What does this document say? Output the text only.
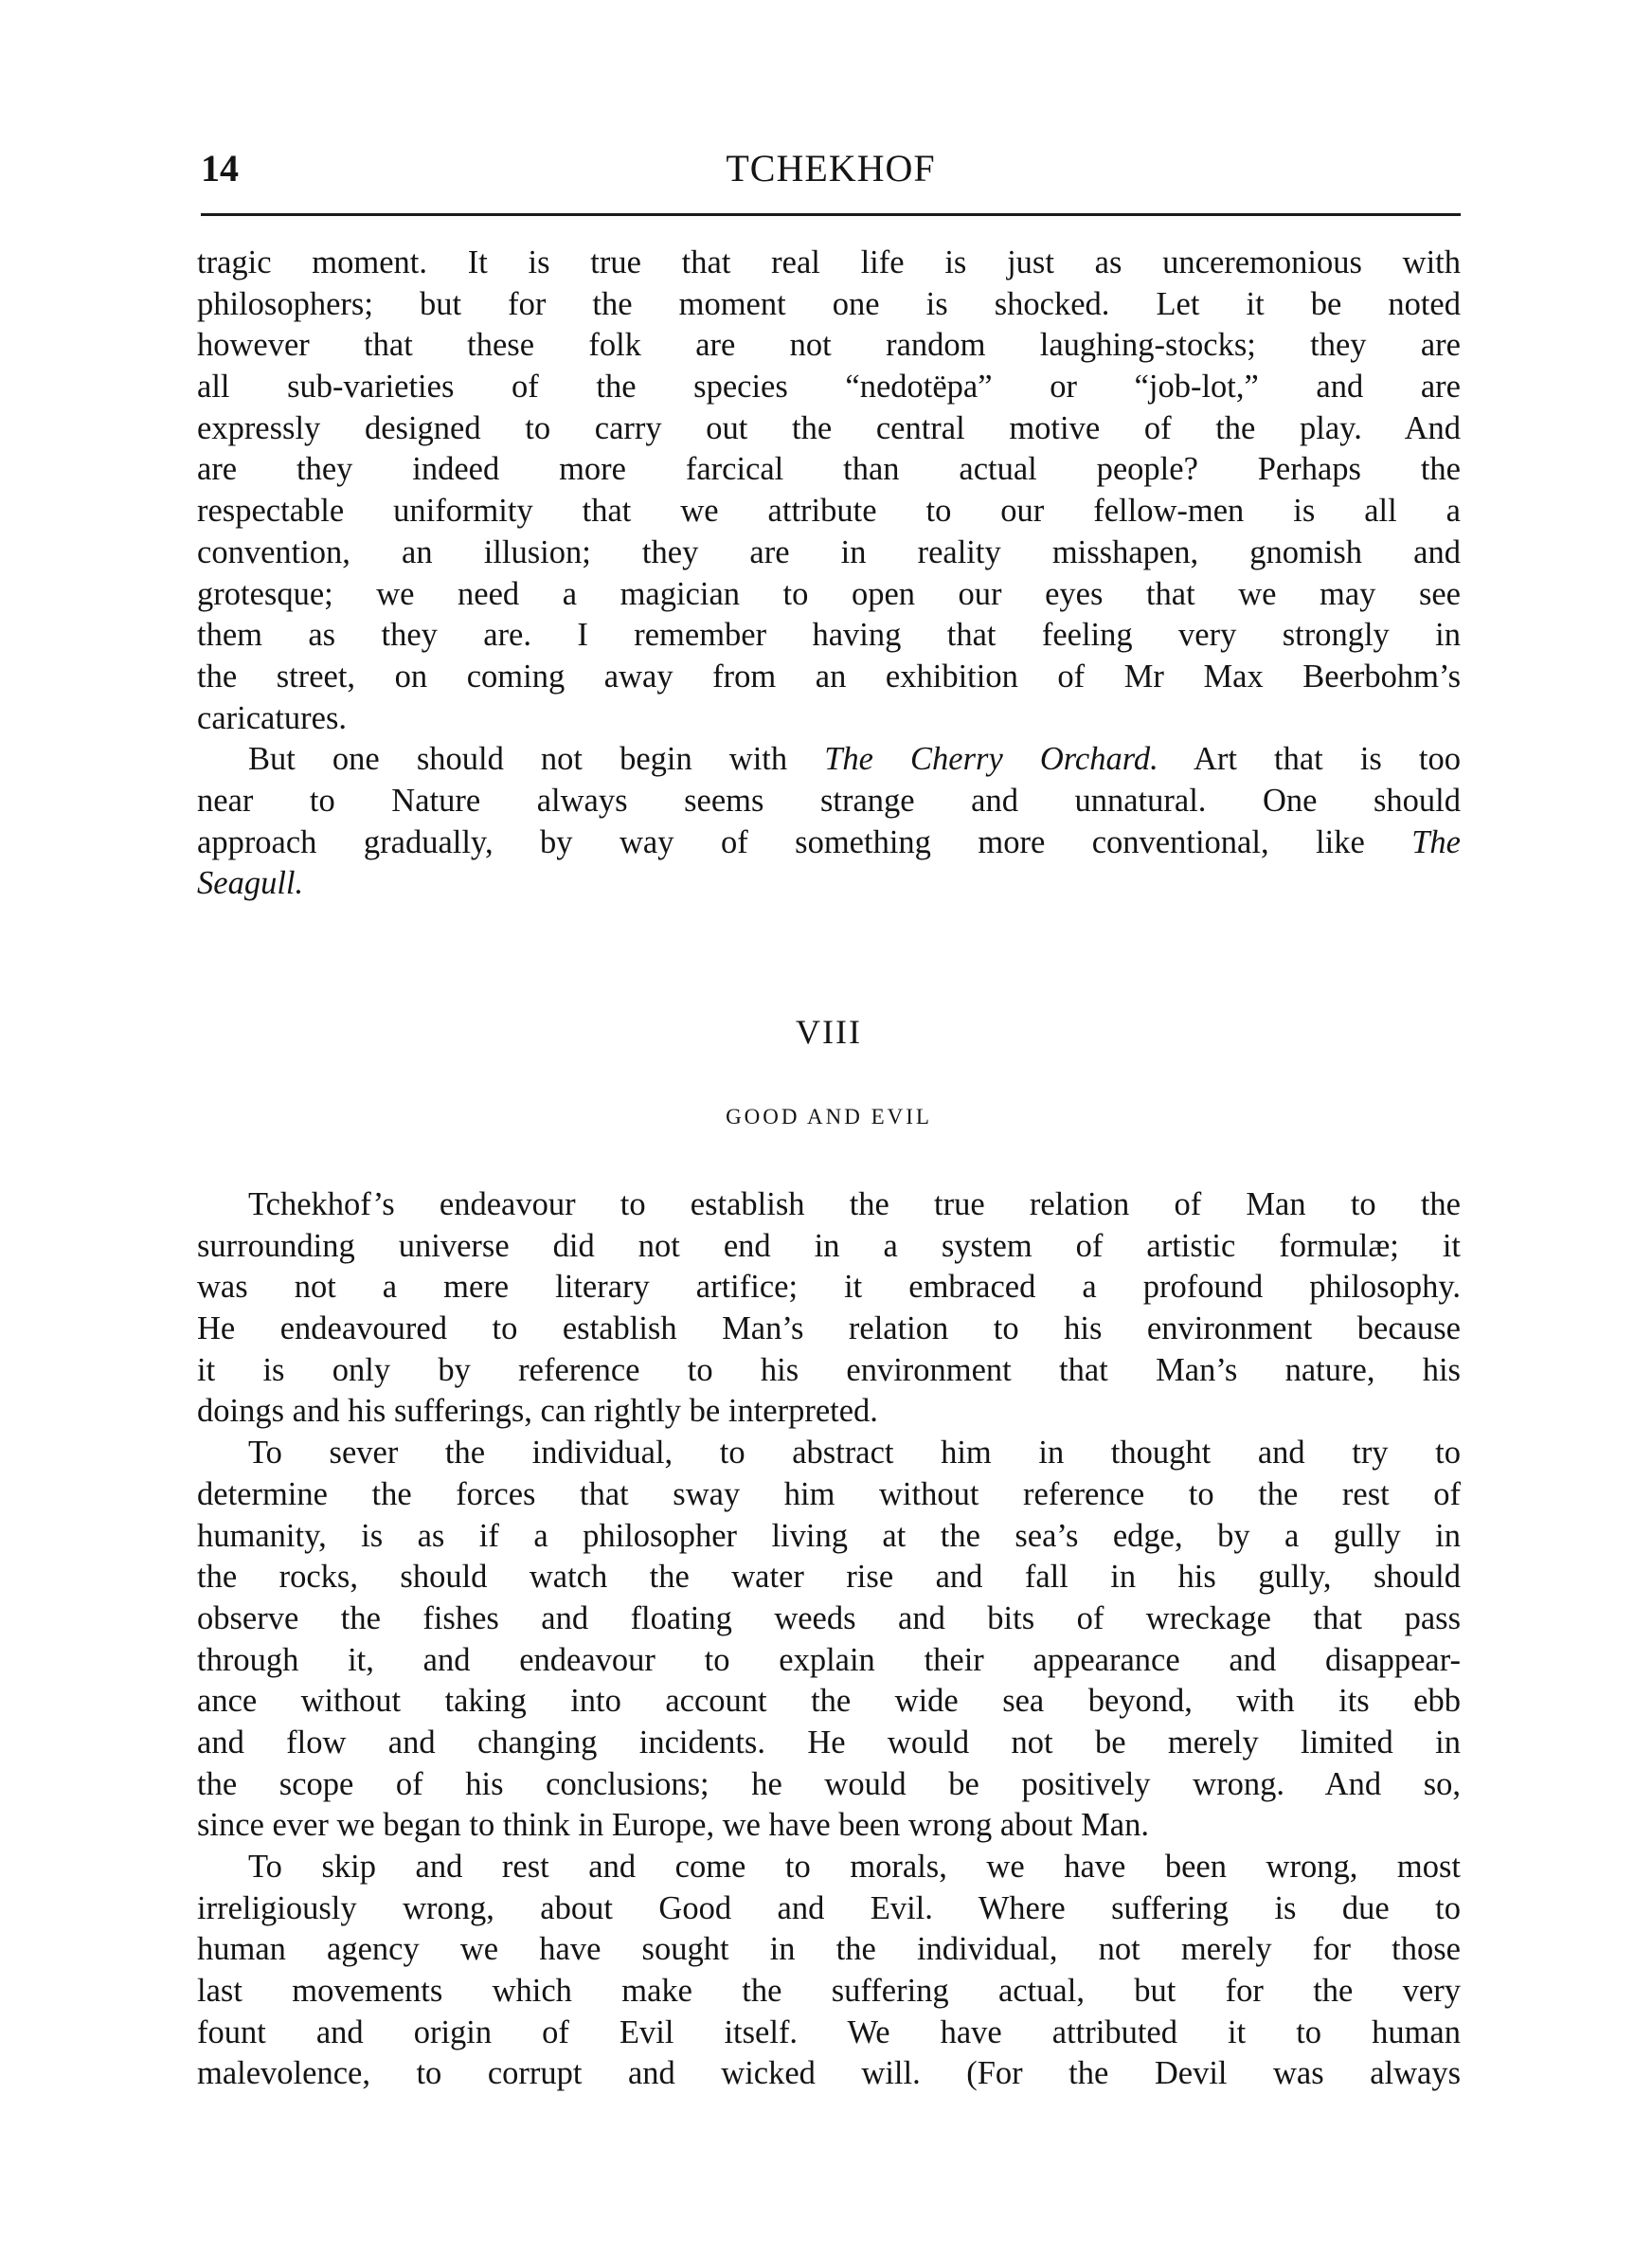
14	TCHEKHOF

tragic moment. It is true that real life is just as unceremonious with
philosophers; but for the moment one is shocked. Let it be noted
however that these folk are not random laughing-stocks; they are
all sub-varieties of the species “nedotëpa” or “job-lot,” and are
expressly designed to carry out the central motive of the play. And
are they indeed more farcical than actual people? Perhaps the
respectable uniformity that we attribute to our fellow-men is all a
convention, an illusion; they are in reality misshapen, gnomish and
grotesque; we need a magician to open our eyes that we may see
them as they are. I remember having that feeling very strongly in
the street, on coming away from an exhibition of Mr Max Beerbohm’s
caricatures.

But one should not begin with The Cherry Orchard. Art that is too
near to Nature always seems strange and unnatural. One should
approach gradually, by way of something more conventional, like The
Seagull.

VIII
GOOD AND EVIL

Tchekhof’s endeavour to establish the true relation of Man to the
surrounding universe did not end in a system of artistic formulæ; it
was not a mere literary artifice; it embraced a profound philosophy.
He endeavoured to establish Man’s relation to his environment because
it is only by reference to his environment that Man’s nature, his
doings and his sufferings, can rightly be interpreted.

To sever the individual, to abstract him in thought and try to
determine the forces that sway him without reference to the rest of
humanity, is as if a philosopher living at the sea’s edge, by a gully in
the rocks, should watch the water rise and fall in his gully, should
observe the fishes and floating weeds and bits of wreckage that pass
through it, and endeavour to explain their appearance and disappear-
ance without taking into account the wide sea beyond, with its ebb
and flow and changing incidents. He would not be merely limited in
the scope of his conclusions; he would be positively wrong. And so,
since ever we began to think in Europe, we have been wrong about Man.

To skip and rest and come to morals, we have been wrong, most
irreligiously wrong, about Good and Evil. Where suffering is due to
human agency we have sought in the individual, not merely for those
last movements which make the suffering actual, but for the very
fount and origin of Evil itself. We have attributed it to human
malevolence, to corrupt and wicked will. (For the Devil was always
